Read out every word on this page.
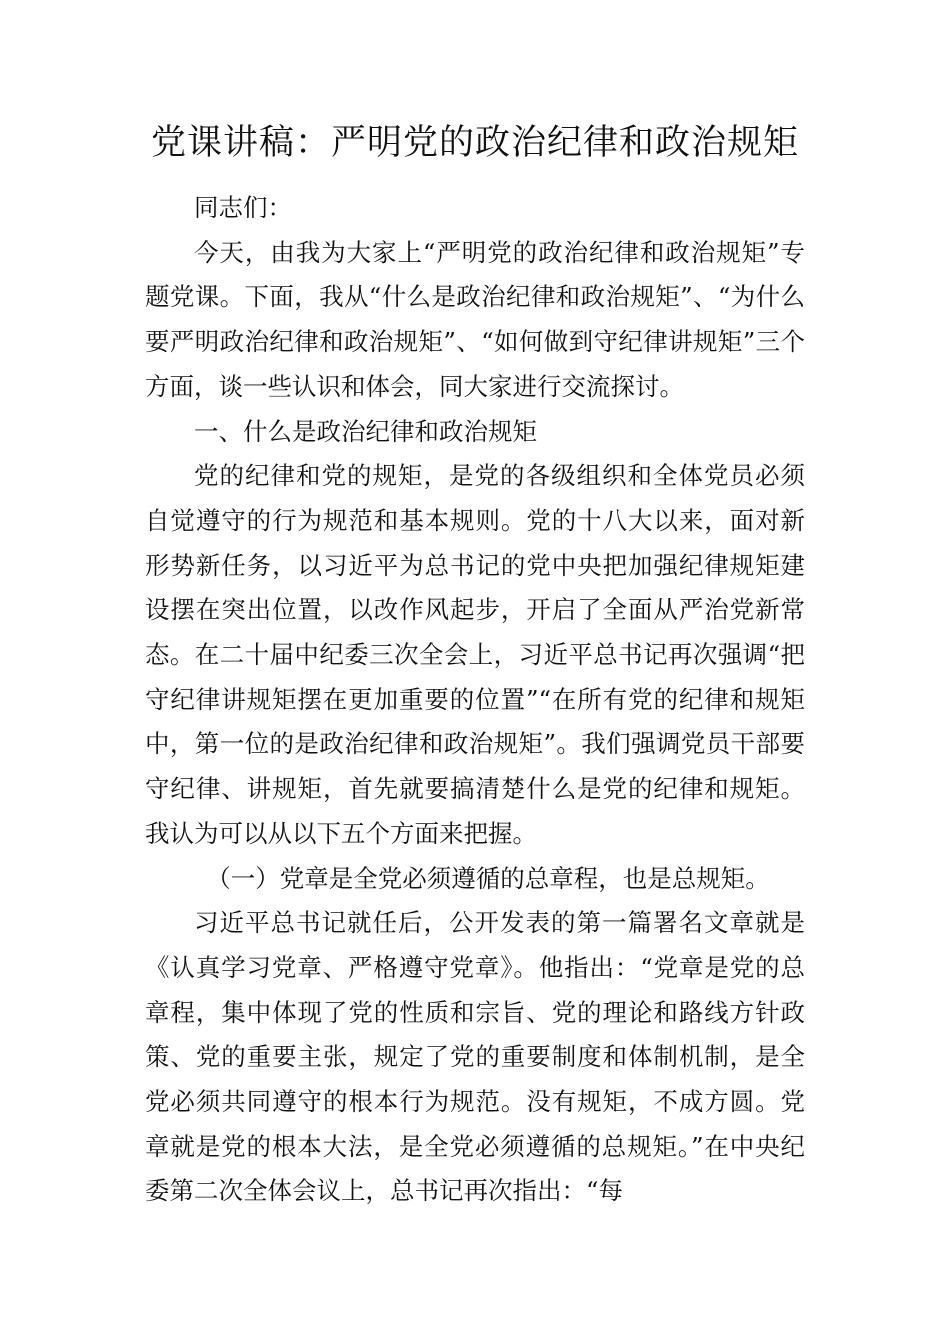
党课讲稿：严明党的政治纪律和政治规矩

同志们：

今天，由我为大家上“严明党的政治纪律和政治规矩”专题党课。下面，我从“什么是政治纪律和政治规矩”、“为什么要严明政治纪律和政治规矩”、“如何做到守纪律讲规矩”三个方面，谈一些认识和体会，同大家进行交流探讨。

一、什么是政治纪律和政治规矩

党的纪律和党的规矩，是党的各级组织和全体党员必须自觉遵守的行为规范和基本规则。党的十八大以来，面对新形势新任务，以习近平为总书记的党中央把加强纪律规矩建设摆在突出位置，以改作风起步，开启了全面从严治党新常态。在二十届中纪委三次全会上，习近平总书记再次强调“把守纪律讲规矩摆在更加重要的位置”“在所有党的纪律和规矩中，第一位的是政治纪律和政治规矩”。我们强调党员干部要守纪律、讲规矩，首先就要搞清楚什么是党的纪律和规矩。我认为可以从以下五个方面来把握。

（一）党章是全党必须遵循的总章程，也是总规矩。

习近平总书记就任后，公开发表的第一篇署名文章就是《认真学习党章、严格遵守党章》。他指出：“党章是党的总章程，集中体现了党的性质和宗旨、党的理论和路线方针政策、党的重要主张，规定了党的重要制度和体制机制，是全党必须共同遵守的根本行为规范。没有规矩，不成方圆。党章就是党的根本大法，是全党必须遵循的总规矩。”在中央纪委第二次全体会议上，总书记再次指出：“每
